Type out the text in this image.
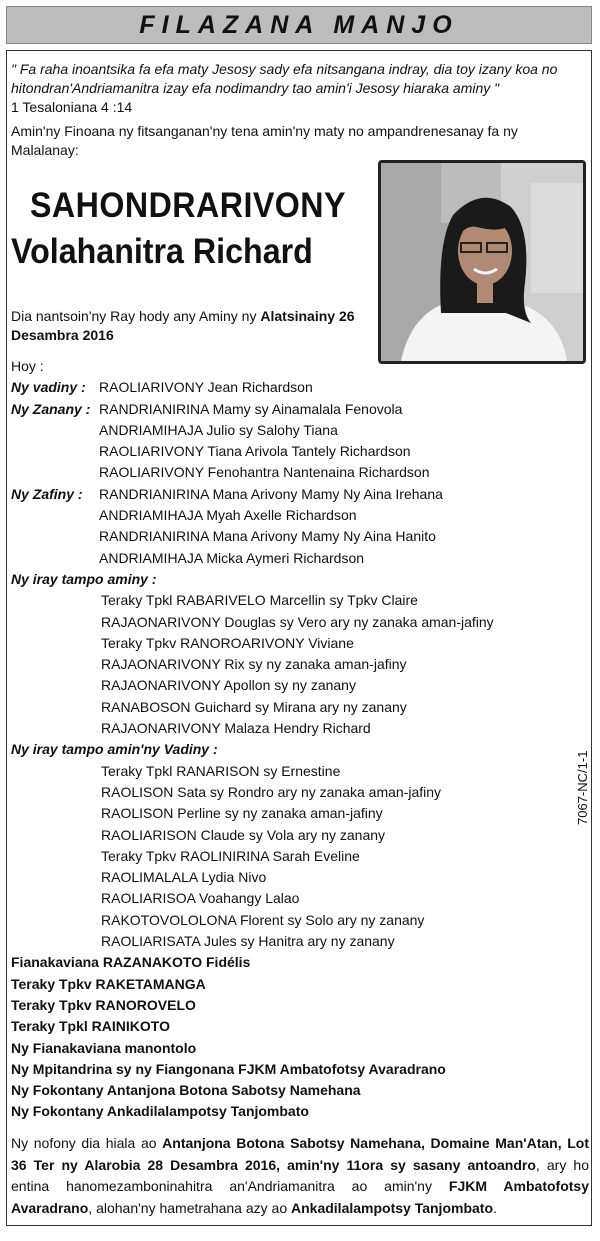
FILAZANA MANJO
" Fa raha inoantsika fa efa maty Jesosy sady efa nitsangana indray, dia toy izany koa no hitondran'Andriamanitra izay efa nodimandry tao amin'i Jesosy hiaraka aminy "
1 Tesaloniana 4 :14
Amin'ny Finoana ny fitsanganan'ny tena amin'ny maty no ampandrenesanay fa ny Malalanay:
SAHONDRARIVONY
Volahanitra Richard
Dia nantsoin'ny Ray hody any Aminy ny Alatsinainy 26 Desambra 2016
Hoy :
Ny vadiny : RAOLIARIVONY Jean Richardson
Ny Zanany : RANDRIANIRINA Mamy sy Ainamalala Fenovola
ANDRIAMIHAJA Julio sy Salohy Tiana
RAOLIARIVONY Tiana Arivola Tantely Richardson
RAOLIARIVONY Fenohantra Nantenaina Richardson
Ny Zafiny :	RANDRIANIRINA Mana Arivony Mamy Ny Aina Irehana
ANDRIAMIHAJA Myah Axelle Richardson
RANDRIANIRINA Mana Arivony Mamy Ny Aina Hanito
ANDRIAMIHAJA Micka Aymeri Richardson
Ny iray tampo aminy :
Teraky Tpkl RABARIVELO Marcellin sy Tpkv Claire
RAJAONARIVONY Douglas sy Vero ary ny zanaka aman-jafiny
Teraky Tpkv RANOROARIVONY Viviane
RAJAONARIVONY Rix sy ny zanaka aman-jafiny
RAJAONARIVONY Apollon sy ny zanany
RANABOSON Guichard sy Mirana ary ny zanany
RAJAONARIVONY Malaza Hendry Richard
Ny iray tampo amin'ny Vadiny :
Teraky Tpkl RANARISON sy Ernestine
RAOLISON Sata sy Rondro ary ny zanaka aman-jafiny
RAOLISON Perline sy ny zanaka aman-jafiny
RAOLIARISON Claude sy Vola ary ny zanany
Teraky Tpkv RAOLINIRINA Sarah Eveline
RAOLIMALALA Lydia Nivo
RAOLIARISOA Voahangy Lalao
RAKOTOVOLOLONA Florent sy Solo ary ny zanany
RAOLIARISATA Jules sy Hanitra ary ny zanany
Fianakaviana RAZANAKOTO Fidélis
Teraky Tpkv RAKETAMANGA
Teraky Tpkv RANOROVELO
Teraky Tpkl RAINIKOTO
Ny Fianakaviana manontolo
Ny Mpitandrina sy ny Fiangonana FJKM Ambatofotsy Avaradrano
Ny Fokontany Antanjona Botona Sabotsy Namehana
Ny Fokontany Ankadilalampotsy Tanjombato
7067-NC/1-1
Ny nofony dia hiala ao Antanjona Botona Sabotsy Namehana, Domaine Man'Atan, Lot 36 Ter ny Alarobia 28 Desambra 2016, amin'ny 11ora sy sasany antoandro, ary ho entina hanomezamboninahitra an'Andriamanitra ao amin'ny FJKM Ambatofotsy Avaradrano, alohan'ny hametrahana azy ao Ankadilalampotsy Tanjombato.
